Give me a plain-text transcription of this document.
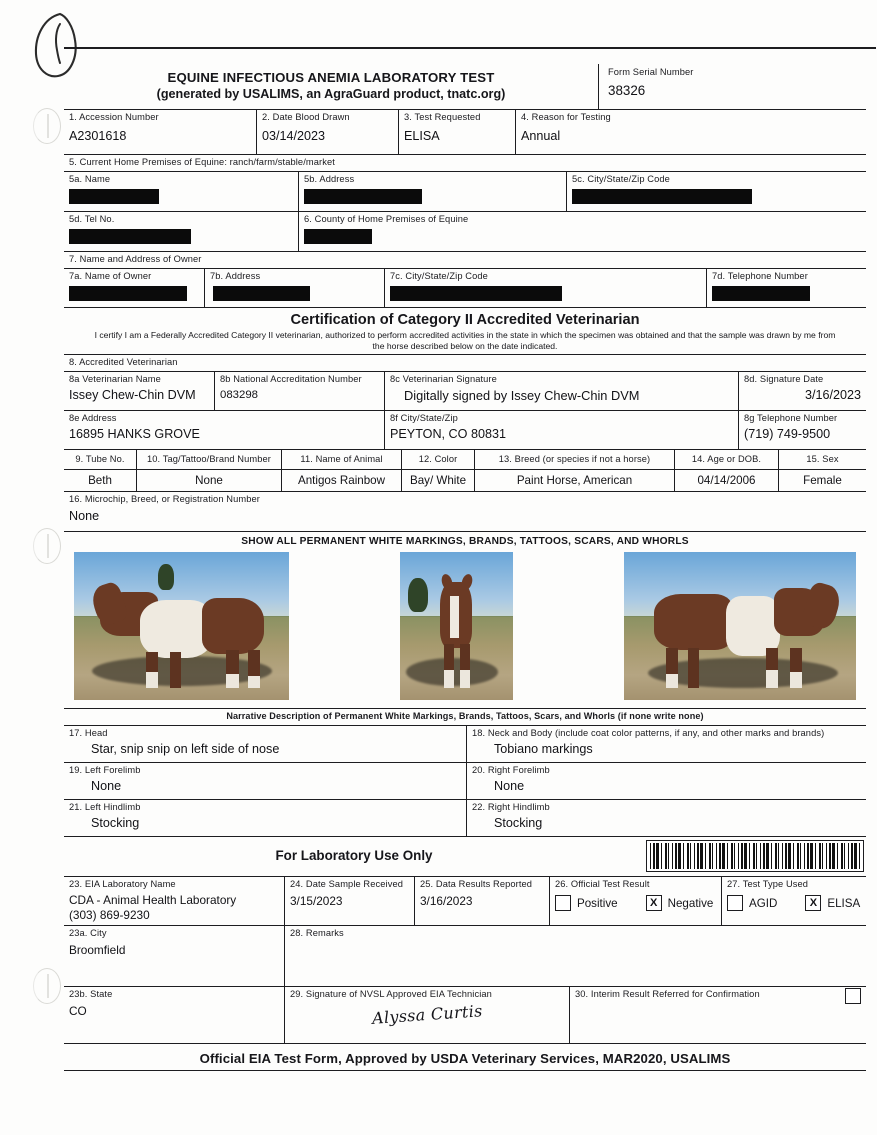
EQUINE INFECTIOUS ANEMIA LABORATORY TEST
(generated by USALIMS, an AgraGuard product, tnatc.org)
Form Serial Number
38326
1. Accession Number
A2301618
2. Date Blood Drawn
03/14/2023
3. Test Requested
ELISA
4. Reason for Testing
Annual
5. Current Home Premises of Equine: ranch/farm/stable/market
5a. Name	5b. Address	5c. City/State/Zip Code
5d. Tel No.	6. County of Home Premises of Equine
7. Name and Address of Owner
7a. Name of Owner	7b. Address	7c. City/State/Zip Code	7d. Telephone Number
Certification of Category II Accredited Veterinarian
I certify I am a Federally Accredited Category II veterinarian, authorized to perform accredited activities in the state in which the specimen was obtained and that the sample was drawn by me from the horse described below on the date indicated.
8. Accredited Veterinarian
8a Veterinarian Name
Issey Chew-Chin DVM
8b National Accreditation Number
083298
8c Veterinarian Signature
Digitally signed by Issey Chew-Chin DVM
8d. Signature Date
3/16/2023
8e Address
16895 HANKS GROVE
8f City/State/Zip
PEYTON, CO 80831
8g Telephone Number
(719) 749-9500
9. Tube No.	10. Tag/Tattoo/Brand Number	11. Name of Animal	12. Color	13. Breed (or species if not a horse)	14. Age or DOB.	15. Sex
Beth	None	Antigos Rainbow	Bay/ White	Paint Horse, American	04/14/2006	Female
16. Microchip, Breed, or Registration Number
None
SHOW ALL PERMANENT WHITE MARKINGS, BRANDS, TATTOOS, SCARS, AND WHORLS
Narrative Description of Permanent White Markings, Brands, Tattoos, Scars, and Whorls (if none write none)
17. Head
Star, snip snip on left side of nose
18. Neck and Body (include coat color patterns, if any, and other marks and brands)
Tobiano markings
19. Left Forelimb
None
20. Right Forelimb
None
21. Left Hindlimb
Stocking
22. Right Hindlimb
Stocking
For Laboratory Use Only
23. EIA Laboratory Name
CDA - Animal Health Laboratory
(303) 869-9230
24. Date Sample Received
3/15/2023
25. Data Results Reported
3/16/2023
26. Official Test Result
Positive	X Negative
27. Test Type Used
AGID	X ELISA
23a. City
Broomfield
28. Remarks
23b. State
CO
29. Signature of NVSL Approved EIA Technician
Alyssa Curtis
30. Interim Result Referred for Confirmation
Official EIA Test Form, Approved by USDA Veterinary Services, MAR2020, USALIMS
